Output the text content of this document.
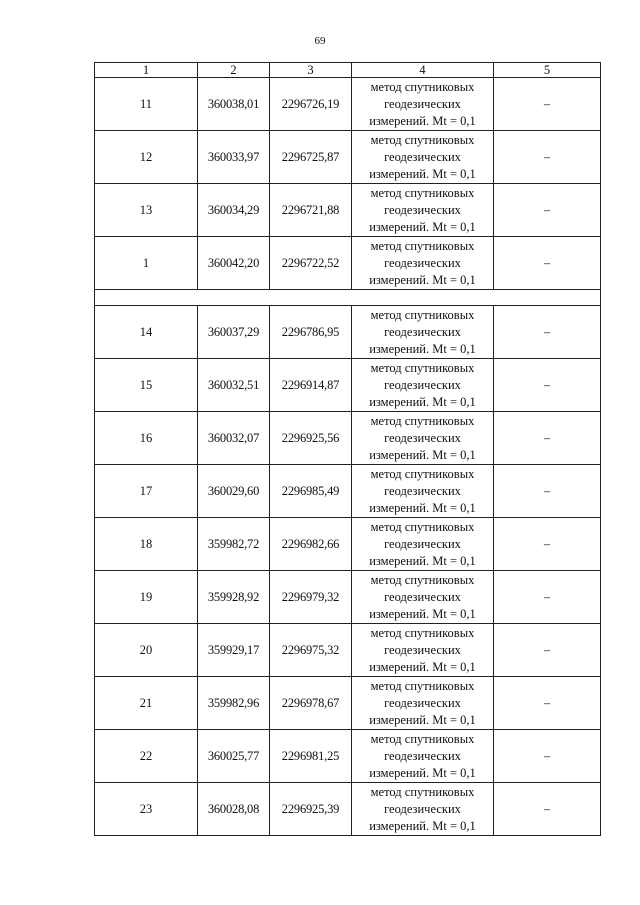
69
1	2	3	4	5
11	360038,01	2296726,19	метод спутниковых
геодезических
измерений. Mt = 0,1	–
12	360033,97	2296725,87	метод спутниковых
геодезических
измерений. Mt = 0,1	–
13	360034,29	2296721,88	метод спутниковых
геодезических
измерений. Mt = 0,1	–
1	360042,20	2296722,52	метод спутниковых
геодезических
измерений. Mt = 0,1	–

14	360037,29	2296786,95	метод спутниковых
геодезических
измерений. Mt = 0,1	–
15	360032,51	2296914,87	метод спутниковых
геодезических
измерений. Mt = 0,1	–
16	360032,07	2296925,56	метод спутниковых
геодезических
измерений. Mt = 0,1	–
17	360029,60	2296985,49	метод спутниковых
геодезических
измерений. Mt = 0,1	–
18	359982,72	2296982,66	метод спутниковых
геодезических
измерений. Mt = 0,1	–
19	359928,92	2296979,32	метод спутниковых
геодезических
измерений. Mt = 0,1	–
20	359929,17	2296975,32	метод спутниковых
геодезических
измерений. Mt = 0,1	–
21	359982,96	2296978,67	метод спутниковых
геодезических
измерений. Mt = 0,1	–
22	360025,77	2296981,25	метод спутниковых
геодезических
измерений. Mt = 0,1	–
23	360028,08	2296925,39	метод спутниковых
геодезических
измерений. Mt = 0,1	–
